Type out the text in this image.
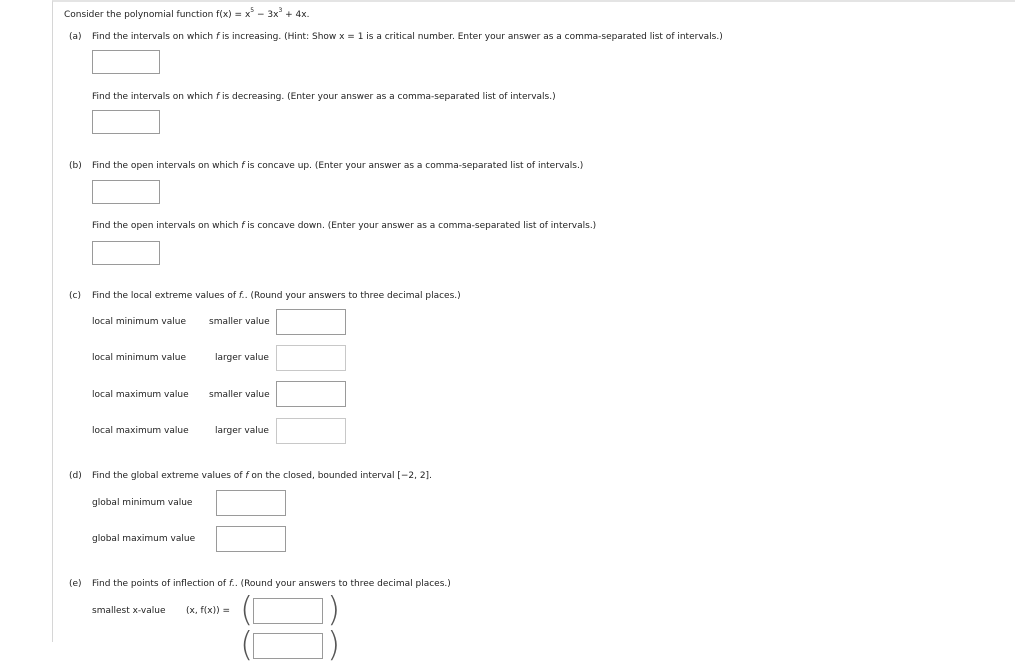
Consider the polynomial function $f(x) = x^5 - 3x^3 + 4x$.
(a) Find the intervals on which f is increasing. (Hint: Show x = 1 is a critical number. Enter your answer as a comma-separated list of intervals.)
Find the intervals on which f is decreasing. (Enter your answer as a comma-separated list of intervals.)
(b) Find the open intervals on which f is concave up. (Enter your answer as a comma-separated list of intervals.)
Find the open intervals on which f is concave down. (Enter your answer as a comma-separated list of intervals.)
(c) Find the local extreme values of f.. (Round your answers to three decimal places.)
local minimum value	smaller value
local minimum value	larger value
local maximum value smaller value
local maximum value	larger value
(d) Find the global extreme values of f on the closed, bounded interval [−2, 2].
global minimum value
global maximum value
(e) Find the points of inflection of f.. (Round your answers to three decimal places.)
smallest x-value (x, f(x)) = ( )
( )
